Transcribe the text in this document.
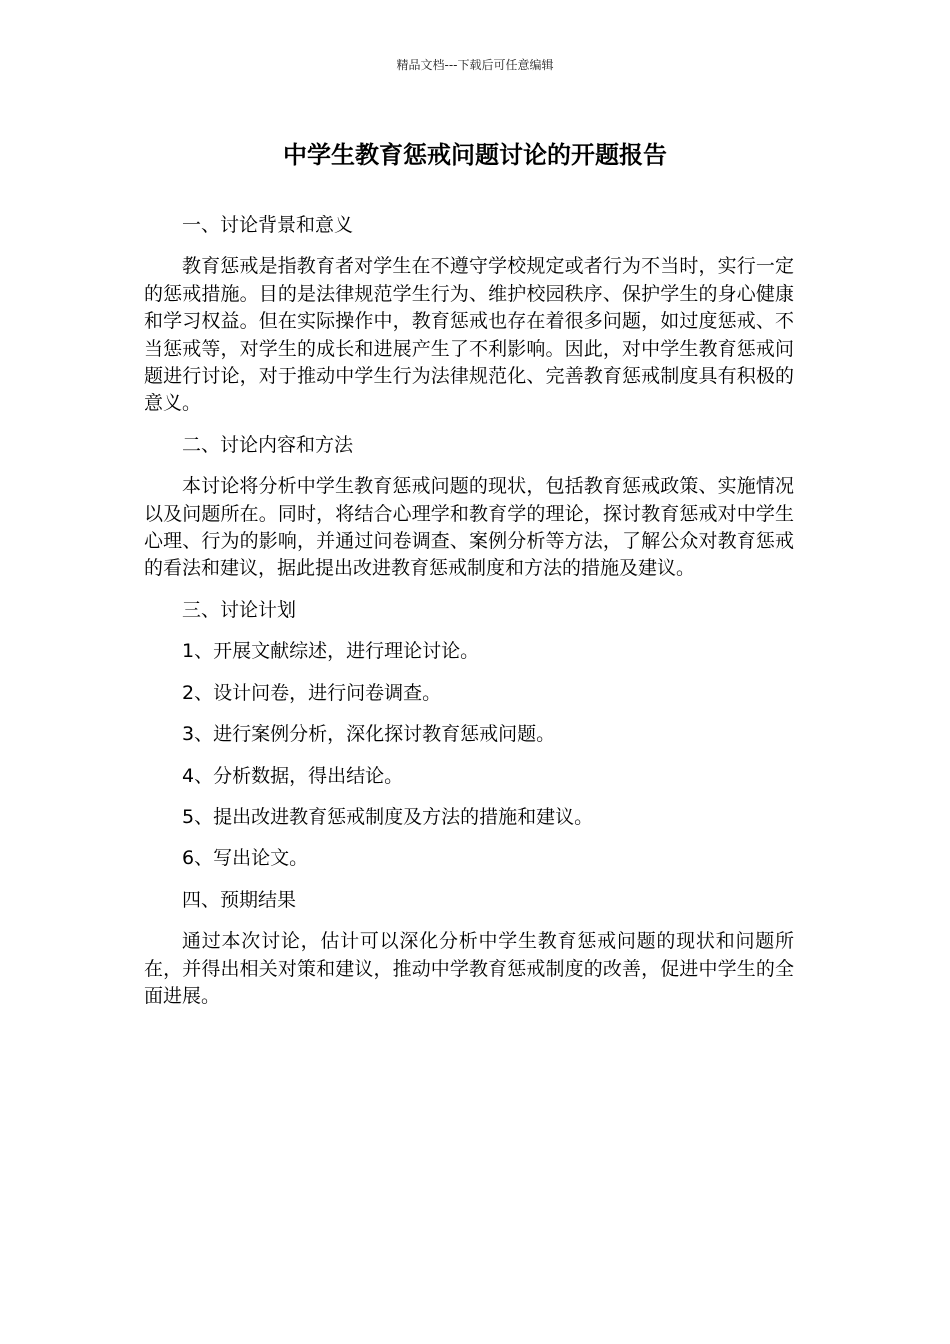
精品文档---下载后可任意编辑
中学生教育惩戒问题讨论的开题报告

一、讨论背景和意义

教育惩戒是指教育者对学生在不遵守学校规定或者行为不当时，实行一定的惩戒措施。目的是法律规范学生行为、维护校园秩序、保护学生的身心健康和学习权益。但在实际操作中，教育惩戒也存在着很多问题，如过度惩戒、不当惩戒等，对学生的成长和进展产生了不利影响。因此，对中学生教育惩戒问题进行讨论，对于推动中学生行为法律规范化、完善教育惩戒制度具有积极的意义。

二、讨论内容和方法

本讨论将分析中学生教育惩戒问题的现状，包括教育惩戒政策、实施情况以及问题所在。同时，将结合心理学和教育学的理论，探讨教育惩戒对中学生心理、行为的影响，并通过问卷调查、案例分析等方法，了解公众对教育惩戒的看法和建议，据此提出改进教育惩戒制度和方法的措施及建议。

三、讨论计划

1、开展文献综述，进行理论讨论。

2、设计问卷，进行问卷调查。

3、进行案例分析，深化探讨教育惩戒问题。

4、分析数据，得出结论。

5、提出改进教育惩戒制度及方法的措施和建议。

6、写出论文。

四、预期结果

通过本次讨论，估计可以深化分析中学生教育惩戒问题的现状和问题所在，并得出相关对策和建议，推动中学教育惩戒制度的改善，促进中学生的全面进展。
